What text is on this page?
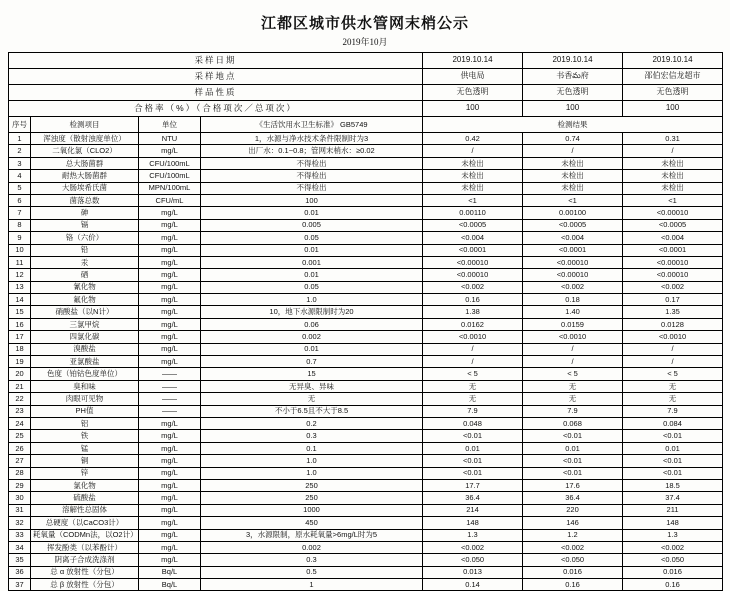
江都区城市供水管网末梢公示
2019年10月
采样日期				2019.10.14	2019.10.14	2019.10.14
采样地点				供电局	书香మ府	邵伯宏信龙超市
样品性质				无色透明	无色透明	无色透明
合格率（%）（合格项次／总项次）				100	100	100
序号	检测项目	单位	《生活饮用水卫生标准》 GB5749	检测结果		
1	浑浊度（散射浊度单位）	NTU	1，水源与净水技术条件限制时为3	0.42	0.74	0.31
2	二氧化氯（CLO2）	mg/L	出厂水：0.1~0.8；管网末梢水：≥0.02	/	/	/
3	总大肠菌群	CFU/100mL	不得检出	未检出	未检出	未检出
4	耐热大肠菌群	CFU/100mL	不得检出	未检出	未检出	未检出
5	大肠埃希氏菌	MPN/100mL	不得检出	未检出	未检出	未检出
6	菌落总数	CFU/mL	100	<1	<1	<1
7	砷	mg/L	0.01	0.00110	0.00100	<0.00010
8	镉	mg/L	0.005	<0.0005	<0.0005	<0.0005
9	铬（六价）	mg/L	0.05	<0.004	<0.004	<0.004
10	铅	mg/L	0.01	<0.0001	<0.0001	<0.0001
11	汞	mg/L	0.001	<0.00010	<0.00010	<0.00010
12	硒	mg/L	0.01	<0.00010	<0.00010	<0.00010
13	氰化物	mg/L	0.05	<0.002	<0.002	<0.002
14	氟化物	mg/L	1.0	0.16	0.18	0.17
15	硝酸盐（以N计）	mg/L	10，地下水源限制时为20	1.38	1.40	1.35
16	三氯甲烷	mg/L	0.06	0.0162	0.0159	0.0128
17	四氯化碳	mg/L	0.002	<0.0010	<0.0010	<0.0010
18	溴酸盐	mg/L	0.01	/	/	/
19	亚氯酸盐	mg/L	0.7	/	/	/
20	色度（铂钴色度单位）	——	15	< 5	< 5	< 5
21	臭和味	——	无异臭、异味	无	无	无
22	肉眼可见物	——	无	无	无	无
23	PH值	——	不小于6.5且不大于8.5	7.9	7.9	7.9
24	铝	mg/L	0.2	0.048	0.068	0.084
25	铁	mg/L	0.3	<0.01	<0.01	<0.01
26	锰	mg/L	0.1	0.01	0.01	0.01
27	铜	mg/L	1.0	<0.01	<0.01	<0.01
28	锌	mg/L	1.0	<0.01	<0.01	<0.01
29	氯化物	mg/L	250	17.7	17.6	18.5
30	硫酸盐	mg/L	250	36.4	36.4	37.4
31	溶解性总固体	mg/L	1000	214	220	211
32	总硬度（以CaCO3计）	mg/L	450	148	146	148
33	耗氧量（CODMn法，以O2计）	mg/L	3，水源限制，原水耗氧量>6mg/L时为5	1.3	1.2	1.3
34	挥发酚类（以苯酚计）	mg/L	0.002	<0.002	<0.002	<0.002
35	阴离子合成洗涤剂	mg/L	0.3	<0.050	<0.050	<0.050
36	总 α 放射性（分包）	Bq/L	0.5	0.013	0.016	0.016
37	总 β 放射性（分包）	Bq/L	1	0.14	0.16	0.16
